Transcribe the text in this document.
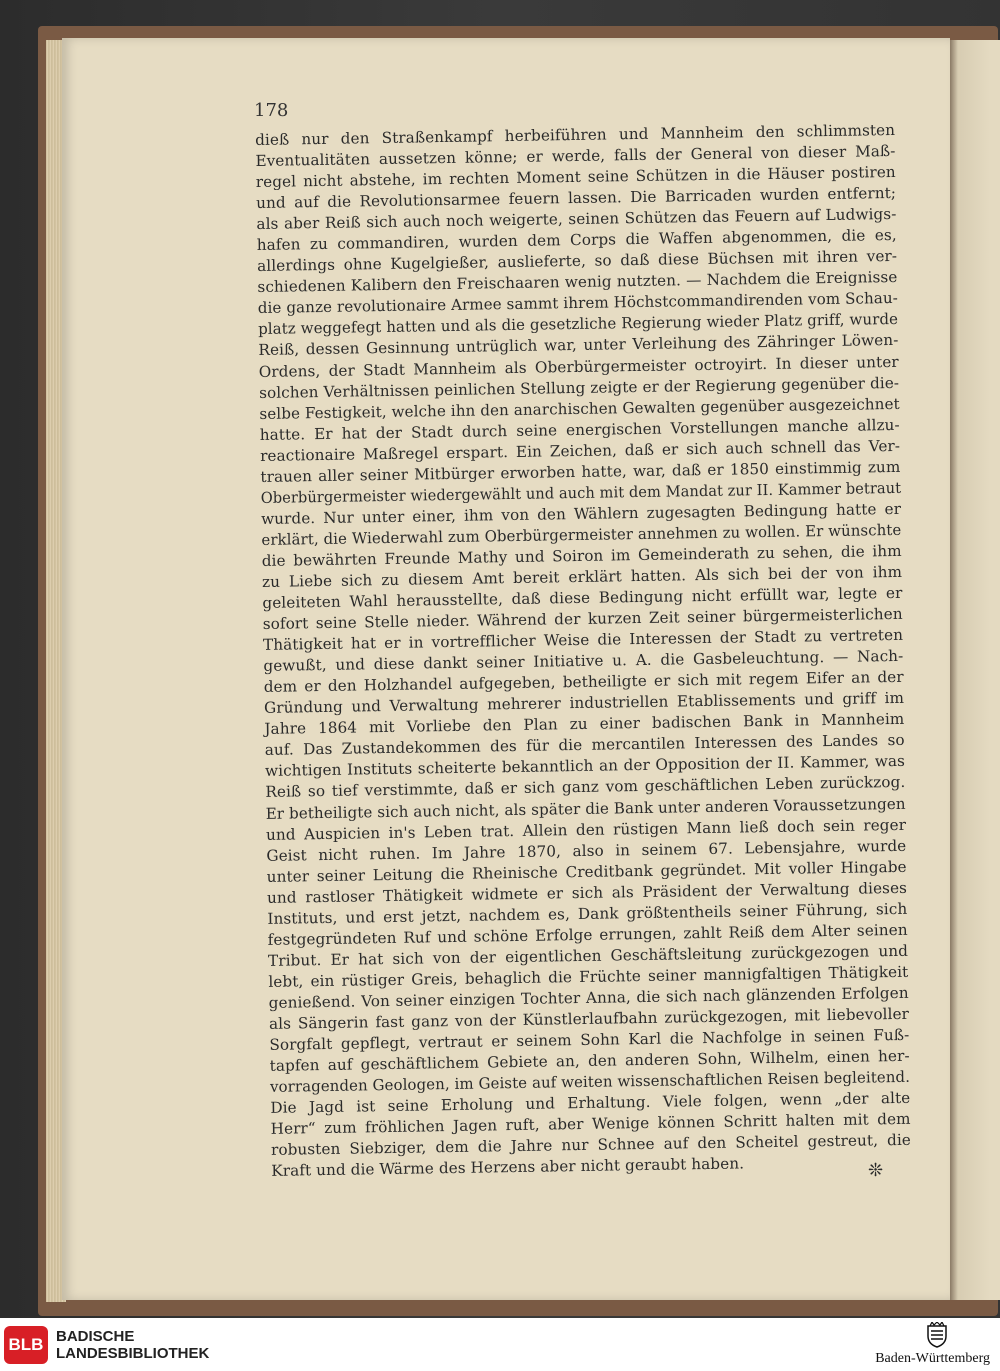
178
dieß nur den Straßenkampf herbeiführen und Mannheim den schlimmsten
Eventualitäten aussetzen könne; er werde, falls der General von dieser Maß-
regel nicht abstehe, im rechten Moment seine Schützen in die Häuser postiren
und auf die Revolutionsarmee feuern lassen. Die Barricaden wurden entfernt;
als aber Reiß sich auch noch weigerte, seinen Schützen das Feuern auf Ludwigs-
hafen zu commandiren, wurden dem Corps die Waffen abgenommen, die es,
allerdings ohne Kugelgießer, auslieferte, so daß diese Büchsen mit ihren ver-
schiedenen Kalibern den Freischaaren wenig nutzten. — Nachdem die Ereignisse
die ganze revolutionaire Armee sammt ihrem Höchstcommandirenden vom Schau-
platz weggefegt hatten und als die gesetzliche Regierung wieder Platz griff, wurde
Reiß, dessen Gesinnung untrüglich war, unter Verleihung des Zähringer Löwen-
Ordens, der Stadt Mannheim als Oberbürgermeister octroyirt. In dieser unter
solchen Verhältnissen peinlichen Stellung zeigte er der Regierung gegenüber die-
selbe Festigkeit, welche ihn den anarchischen Gewalten gegenüber ausgezeichnet
hatte. Er hat der Stadt durch seine energischen Vorstellungen manche allzu-
reactionaire Maßregel erspart. Ein Zeichen, daß er sich auch schnell das Ver-
trauen aller seiner Mitbürger erworben hatte, war, daß er 1850 einstimmig zum
Oberbürgermeister wiedergewählt und auch mit dem Mandat zur II. Kammer betraut
wurde. Nur unter einer, ihm von den Wählern zugesagten Bedingung hatte er
erklärt, die Wiederwahl zum Oberbürgermeister annehmen zu wollen. Er wünschte
die bewährten Freunde Mathy und Soiron im Gemeinderath zu sehen, die ihm
zu Liebe sich zu diesem Amt bereit erklärt hatten. Als sich bei der von ihm
geleiteten Wahl herausstellte, daß diese Bedingung nicht erfüllt war, legte er
sofort seine Stelle nieder. Während der kurzen Zeit seiner bürgermeisterlichen
Thätigkeit hat er in vortrefflicher Weise die Interessen der Stadt zu vertreten
gewußt, und diese dankt seiner Initiative u. A. die Gasbeleuchtung. — Nach-
dem er den Holzhandel aufgegeben, betheiligte er sich mit regem Eifer an der
Gründung und Verwaltung mehrerer industriellen Etablissements und griff im
Jahre 1864 mit Vorliebe den Plan zu einer badischen Bank in Mannheim
auf. Das Zustandekommen des für die mercantilen Interessen des Landes so
wichtigen Instituts scheiterte bekanntlich an der Opposition der II. Kammer, was
Reiß so tief verstimmte, daß er sich ganz vom geschäftlichen Leben zurückzog.
Er betheiligte sich auch nicht, als später die Bank unter anderen Voraussetzungen
und Auspicien in's Leben trat. Allein den rüstigen Mann ließ doch sein reger
Geist nicht ruhen. Im Jahre 1870, also in seinem 67. Lebensjahre, wurde
unter seiner Leitung die Rheinische Creditbank gegründet. Mit voller Hingabe
und rastloser Thätigkeit widmete er sich als Präsident der Verwaltung dieses
Instituts, und erst jetzt, nachdem es, Dank größtentheils seiner Führung, sich
festgegründeten Ruf und schöne Erfolge errungen, zahlt Reiß dem Alter seinen
Tribut. Er hat sich von der eigentlichen Geschäftsleitung zurückgezogen und
lebt, ein rüstiger Greis, behaglich die Früchte seiner mannigfaltigen Thätigkeit
genießend. Von seiner einzigen Tochter Anna, die sich nach glänzenden Erfolgen
als Sängerin fast ganz von der Künstlerlaufbahn zurückgezogen, mit liebevoller
Sorgfalt gepflegt, vertraut er seinem Sohn Karl die Nachfolge in seinen Fuß-
tapfen auf geschäftlichem Gebiete an, den anderen Sohn, Wilhelm, einen her-
vorragenden Geologen, im Geiste auf weiten wissenschaftlichen Reisen begleitend.
Die Jagd ist seine Erholung und Erhaltung. Viele folgen, wenn „der alte
Herr“ zum fröhlichen Jagen ruft, aber Wenige können Schritt halten mit dem
robusten Siebziger, dem die Jahre nur Schnee auf den Scheitel gestreut, die
Kraft und die Wärme des Herzens aber nicht geraubt haben.	❊
BLB BADISCHE
LANDESBIBLIOTHEK	Baden-Württemberg
